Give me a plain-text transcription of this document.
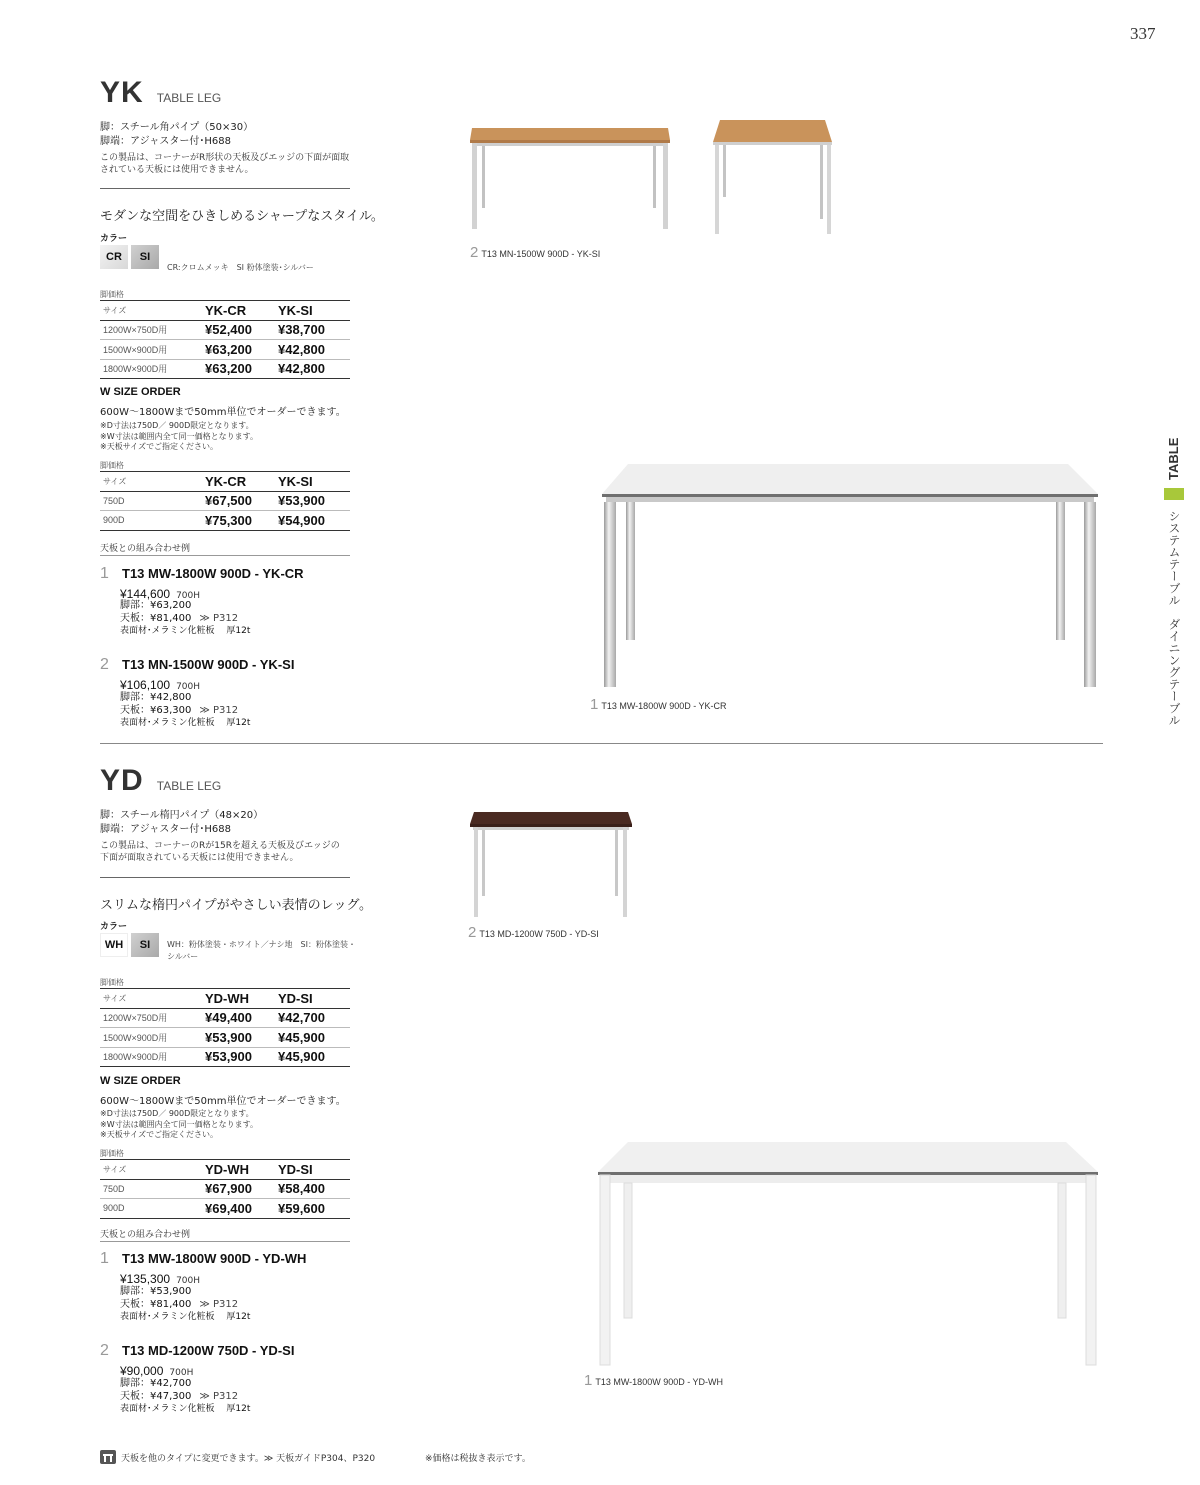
337
YK TABLE LEG
脚：スチール角パイプ（50×30）
脚端：アジャスター付･H688
この製品は、コーナーがR形状の天板及びエッジの下面が面取
されている天板には使用できません。
モダンな空間をひきしめるシャープなスタイル。
カラー
CR	SI
CR:クロムメッキ　SI 粉体塗装･シルバー
脚価格
サイズ	YK-CR	YK-SI
1200W×750D用	¥52,400	¥38,700
1500W×900D用	¥63,200	¥42,800
1800W×900D用	¥63,200	¥42,800
W SIZE ORDER
600W～1800Wまで50mm単位でオーダーできます。
※D寸法は750D／ 900D限定となります。
※W寸法は範囲内全て同一価格となります。
※天板サイズでご指定ください。
脚価格
サイズ	YK-CR	YK-SI
750D	¥67,500	¥53,900
900D	¥75,300	¥54,900
天板との組み合わせ例
1 T13 MW-1800W 900D - YK-CR
¥144,600 700H
脚部：¥63,200
天板：¥81,400 ≫ P312
表面材･メラミン化粧板　 厚12t
2 T13 MN-1500W 900D - YK-SI
¥106,100 700H
脚部：¥42,800
天板：¥63,300 ≫ P312
表面材･メラミン化粧板　 厚12t
2 T13 MN-1500W 900D - YK-SI
1 T13 MW-1800W 900D - YK-CR
YD TABLE LEG
脚：スチール楕円パイプ（48×20）
脚端：アジャスター付･H688
この製品は、コーナーのRが15Rを超える天板及びエッジの
下面が面取されている天板には使用できません。
スリムな楕円パイプがやさしい表情のレッグ。
カラー
WH	SI	WH：粉体塗装・ホワイト／ナシ地　SI：粉体塗装・
シルバー
脚価格
サイズ	YD-WH	YD-SI
1200W×750D用	¥49,400	¥42,700
1500W×900D用	¥53,900	¥45,900
1800W×900D用	¥53,900	¥45,900
W SIZE ORDER
600W～1800Wまで50mm単位でオーダーできます。
※D寸法は750D／ 900D限定となります。
※W寸法は範囲内全て同一価格となります。
※天板サイズでご指定ください。
脚価格
サイズ	YD-WH	YD-SI
750D	¥67,900	¥58,400
900D	¥69,400	¥59,600
天板との組み合わせ例
1 T13 MW-1800W 900D - YD-WH
¥135,300 700H
脚部：¥53,900
天板：¥81,400 ≫ P312
表面材･メラミン化粧板　 厚12t
2 T13 MD-1200W 750D - YD-SI
¥90,000 700H
脚部：¥42,700
天板：¥47,300 ≫ P312
表面材･メラミン化粧板　 厚12t
2 T13 MD-1200W 750D - YD-SI
1 T13 MW-1800W 900D - YD-WH
TABLE
システムテーブル　ダイニングテーブル
天板を他のタイプに変更できます。≫ 天板ガイドP304、P320	※価格は税抜き表示です。
